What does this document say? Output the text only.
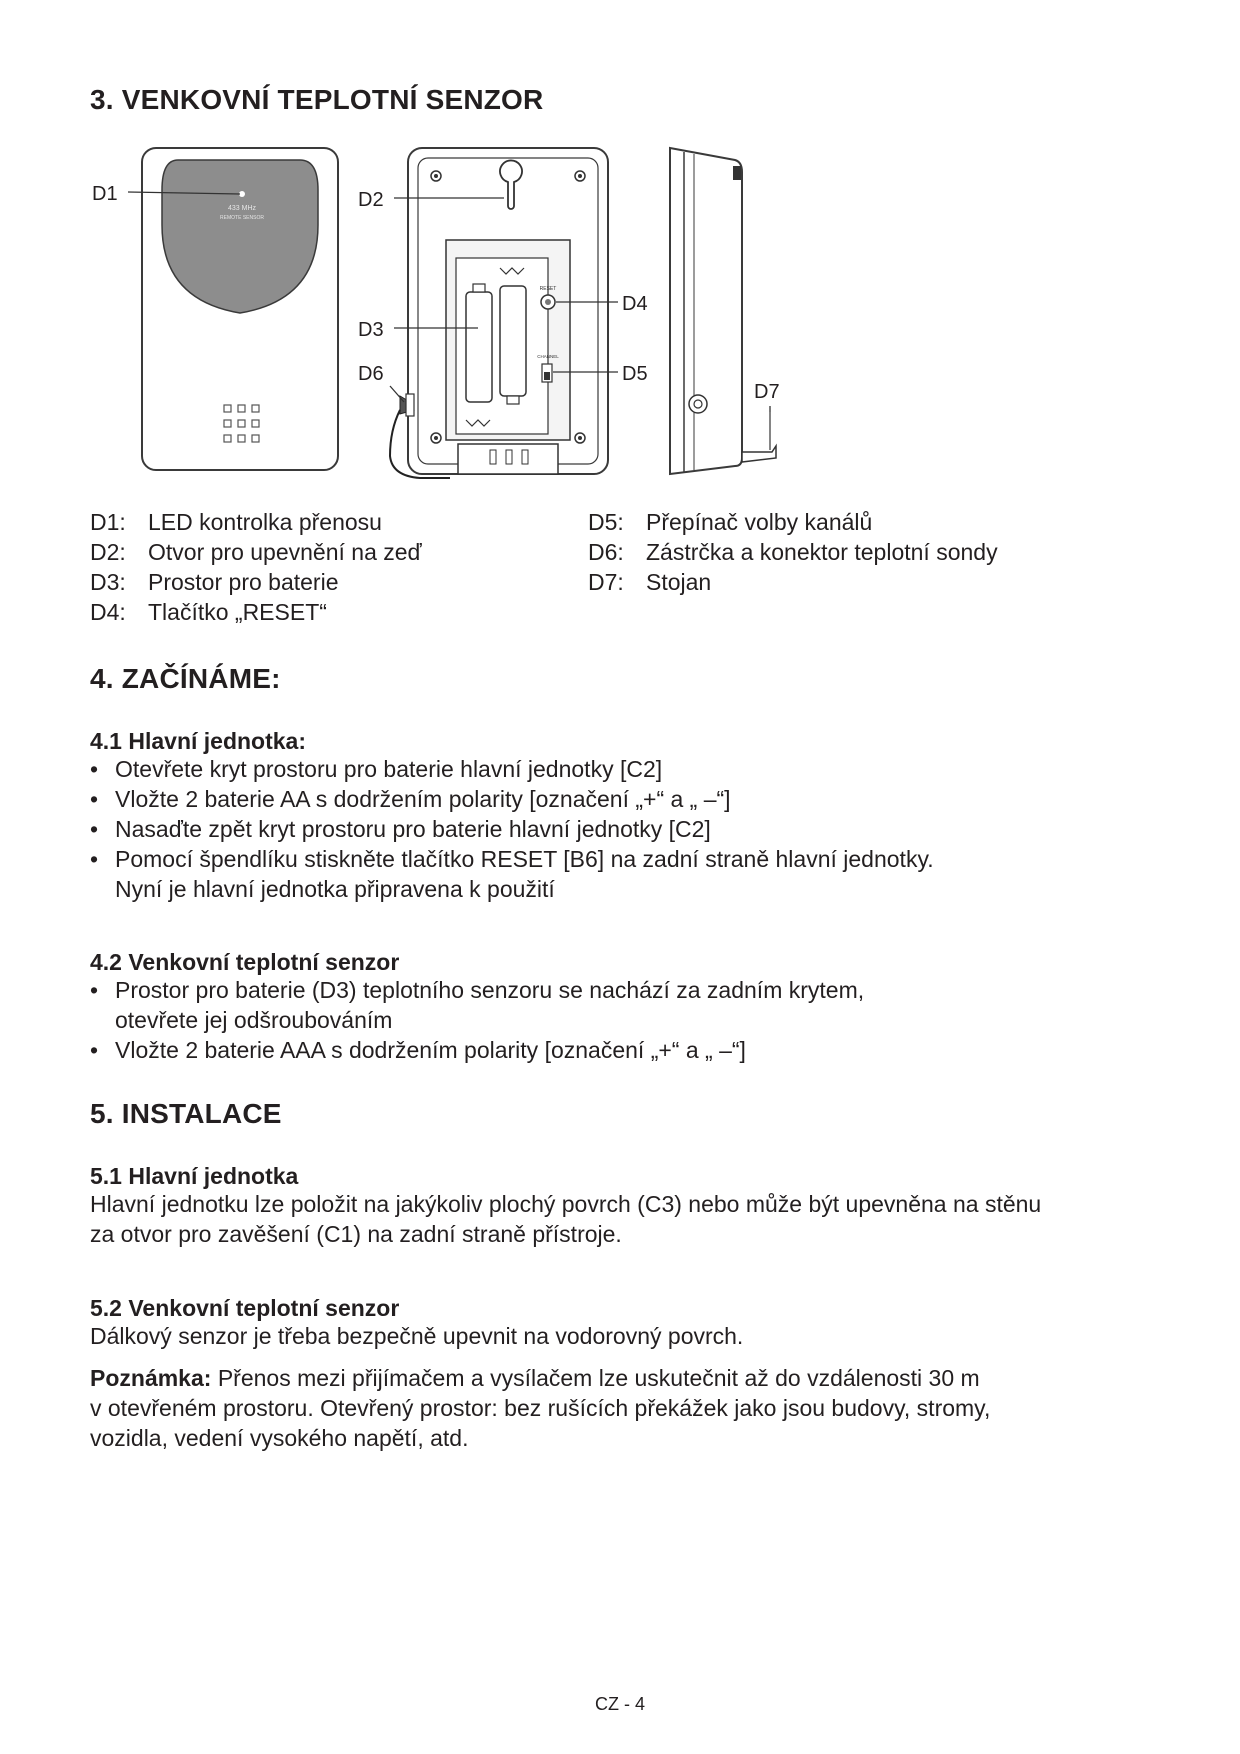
3. VENKOVNÍ TEPLOTNÍ SENZOR
433 MHz
REMOTE SENSOR
RESET
CHANNEL
D1	D2
D3
D4
D5
D6
D7
D1: LED kontrolka přenosu
D2: Otvor pro upevnění na zeď
D3: Prostor pro baterie
D4: Tlačítko „RESET“
D5: Přepínač volby kanálů
D6: Zástrčka a konektor teplotní sondy
D7: Stojan
4. ZAČÍNÁME:
4.1 Hlavní jednotka:
• Otevřete kryt prostoru pro baterie hlavní jednotky [C2]
• Vložte 2 baterie AA s dodržením polarity [označení „+“ a „ –“]
• Nasaďte zpět kryt prostoru pro baterie hlavní jednotky [C2]
• Pomocí špendlíku stiskněte tlačítko RESET [B6] na zadní straně hlavní jednotky.

Nyní je hlavní jednotka připravena k použití

4.2 Venkovní teplotní senzor
• Prostor pro baterie (D3) teplotního senzoru se nachází za zadním krytem,

otevřete jej odšroubováním

• Vložte 2 baterie AAA s dodržením polarity [označení „+“ a „ –“]
5. INSTALACE
5.1 Hlavní jednotka

Hlavní jednotku lze položit na jakýkoliv plochý povrch (C3) nebo může být upevněna na stěnu

za otvor pro zavěšení (C1) na zadní straně přístroje.

5.2 Venkovní teplotní senzor

Dálkový senzor je třeba bezpečně upevnit na vodorovný povrch.

Poznámka: Přenos mezi přijímačem a vysílačem lze uskutečnit až do vzdálenosti 30 m

v otevřeném prostoru. Otevřený prostor: bez rušících překážek jako jsou budovy, stromy,

vozidla, vedení vysokého napětí, atd.

CZ - 4
